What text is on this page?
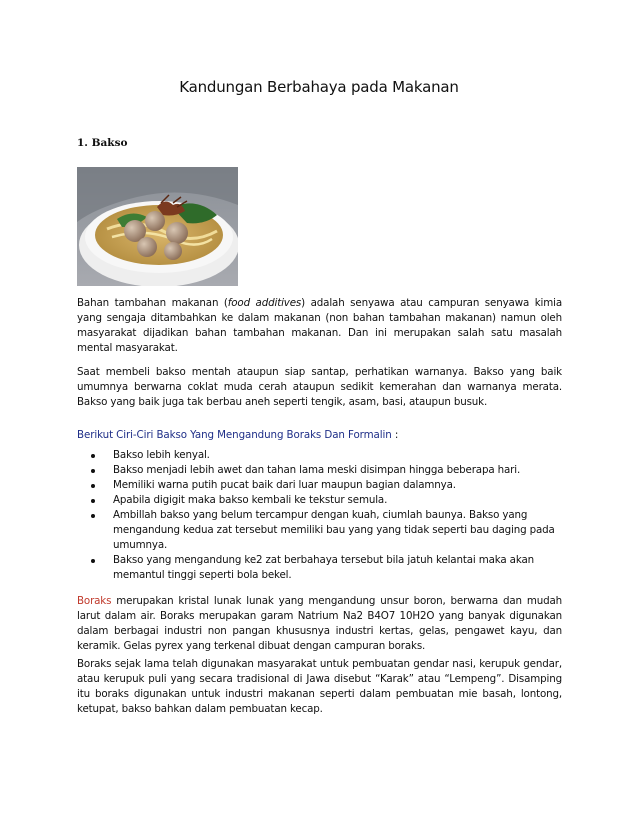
Kandungan Berbahaya pada Makanan
1. Bakso

Bahan tambahan makanan (food additives) adalah senyawa atau campuran senyawa kimia yang sengaja ditambahkan ke dalam makanan (non bahan tambahan makanan) namun oleh masyarakat dijadikan bahan tambahan makanan. Dan ini merupakan salah satu masalah mental masyarakat.

Saat membeli bakso mentah ataupun siap santap, perhatikan warnanya. Bakso yang baik umumnya berwarna coklat muda cerah ataupun sedikit kemerahan dan warnanya merata. Bakso yang baik juga tak berbau aneh seperti tengik, asam, basi, ataupun busuk.

Berikut Ciri-Ciri Bakso Yang Mengandung Boraks Dan Formalin :
Bakso lebih kenyal.
Bakso menjadi lebih awet dan tahan lama meski disimpan hingga beberapa hari.
Memiliki warna putih pucat baik dari luar maupun bagian dalamnya.
Apabila digigit maka bakso kembali ke tekstur semula.
Ambillah bakso yang belum tercampur dengan kuah, ciumlah baunya. Bakso yang mengandung kedua zat tersebut memiliki bau yang yang tidak seperti bau daging pada umumnya.
Bakso yang mengandung ke2 zat berbahaya tersebut bila jatuh kelantai maka akan memantul tinggi seperti bola bekel.

Boraks merupakan kristal lunak lunak yang mengandung unsur boron, berwarna dan mudah larut dalam air. Boraks merupakan garam Natrium Na2 B4O7 10H2O yang banyak digunakan dalam berbagai industri non pangan khususnya industri kertas, gelas, pengawet kayu, dan keramik. Gelas pyrex yang terkenal dibuat dengan campuran boraks.

Boraks sejak lama telah digunakan masyarakat untuk pembuatan gendar nasi, kerupuk gendar, atau kerupuk puli yang secara tradisional di Jawa disebut “Karak” atau “Lempeng”. Disamping itu boraks digunakan untuk industri makanan seperti dalam pembuatan mie basah, lontong, ketupat, bakso bahkan dalam pembuatan kecap.
